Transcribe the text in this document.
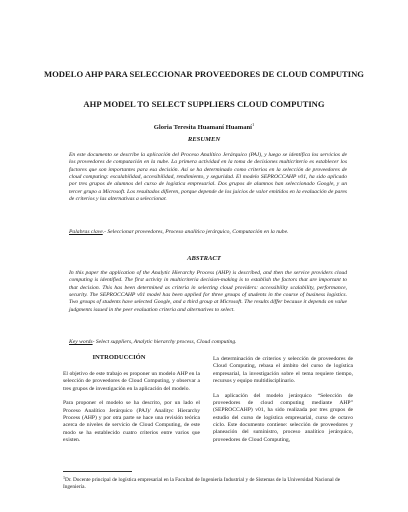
MODELO AHP PARA SELECCIONAR PROVEEDORES DE CLOUD COMPUTING
AHP MODEL TO SELECT SUPPLIERS CLOUD COMPUTING
Gloria Teresita Huamaní Huamaní$^1$
RESUMEN
En este documento se describe la aplicación del Proceso Analítico Jerárquico (PAJ), y luego se identifica los servicios de los proveedores de computación en la nube. La primera actividad en la toma de decisiones multicriterio es establecer los factores que son importantes para esa decisión. Así se ha determinado como criterios en la selección de proveedores de cloud computing: escalabilidad, accesibilidad, rendimiento, y seguridad. El modelo SEPROCCAHP v01, ha sido aplicado por tres grupos de alumnos del curso de logística empresarial. Dos grupos de alumnos han seleccionado Google, y un tercer grupo a Microsoft. Los resultados difieren, porque depende de los juicios de valor emitidos en la evaluación de pares de criterios y las alternativas a seleccionar.
Palabras clave.- Seleccionar proveedores, Proceso analítico jerárquico, Computación en la nube.
ABSTRACT
In this paper the application of the Analytic Hierarchy Process (AHP) is described, and then the service providers cloud computing is identified. The first activity in multicriteria decision-making is to establish the factors that are important to that decision. This has been determined as criteria in selecting cloud providers: accessibility scalability, performance, security. The SEPROCCAHP v01 model has been applied for three groups of students in the course of business logistics. Two groups of students have selected Google, and a third group at Microsoft. The results differ because it depends on value judgments issued in the peer evaluation criteria and alternatives to select.
Key words- Select suppliers, Analytic hierarchy process, Cloud computing.
INTRODUCCIÓN

El objetivo de este trabajo es proponer un modelo AHP en la selección de proveedores de Cloud Computing, y observar a tres grupos de investigación en la aplicación del modelo.

Para proponer el modelo se ha descrito, por un lado el Proceso Analítico Jerárquico (PAJ)/ Analityc Hierarchy Process (AHP) y por otra parte se hace una revisión teórica acerca de niveles de servicio de Cloud Computing, de este modo se ha establecido cuatro criterios entre varios que existen.

La determinación de criterios y selección de proveedores de Cloud Computing, rebasa el ámbito del curso de logística empresarial, la investigación sobre el tema requiere tiempo, recursos y equipo multidisciplinario.

La aplicación del modelo jerárquico “Selección de proveedores de cloud computing mediante AHP” (SEPROCCAHP) v01, ha sido realizada por tres grupos de estudio del curso de logística empresarial, curso de octavo ciclo. Este documento contiene: selección de proveedores y planeación del suministro, proceso analítico jerárquico, proveedores de Cloud Computing,

$^1$Dr. Docente principal de logística empresarial en la Facultad de Ingeniería Industrial y de Sistemas de la Universidad Nacional de Ingeniería.
